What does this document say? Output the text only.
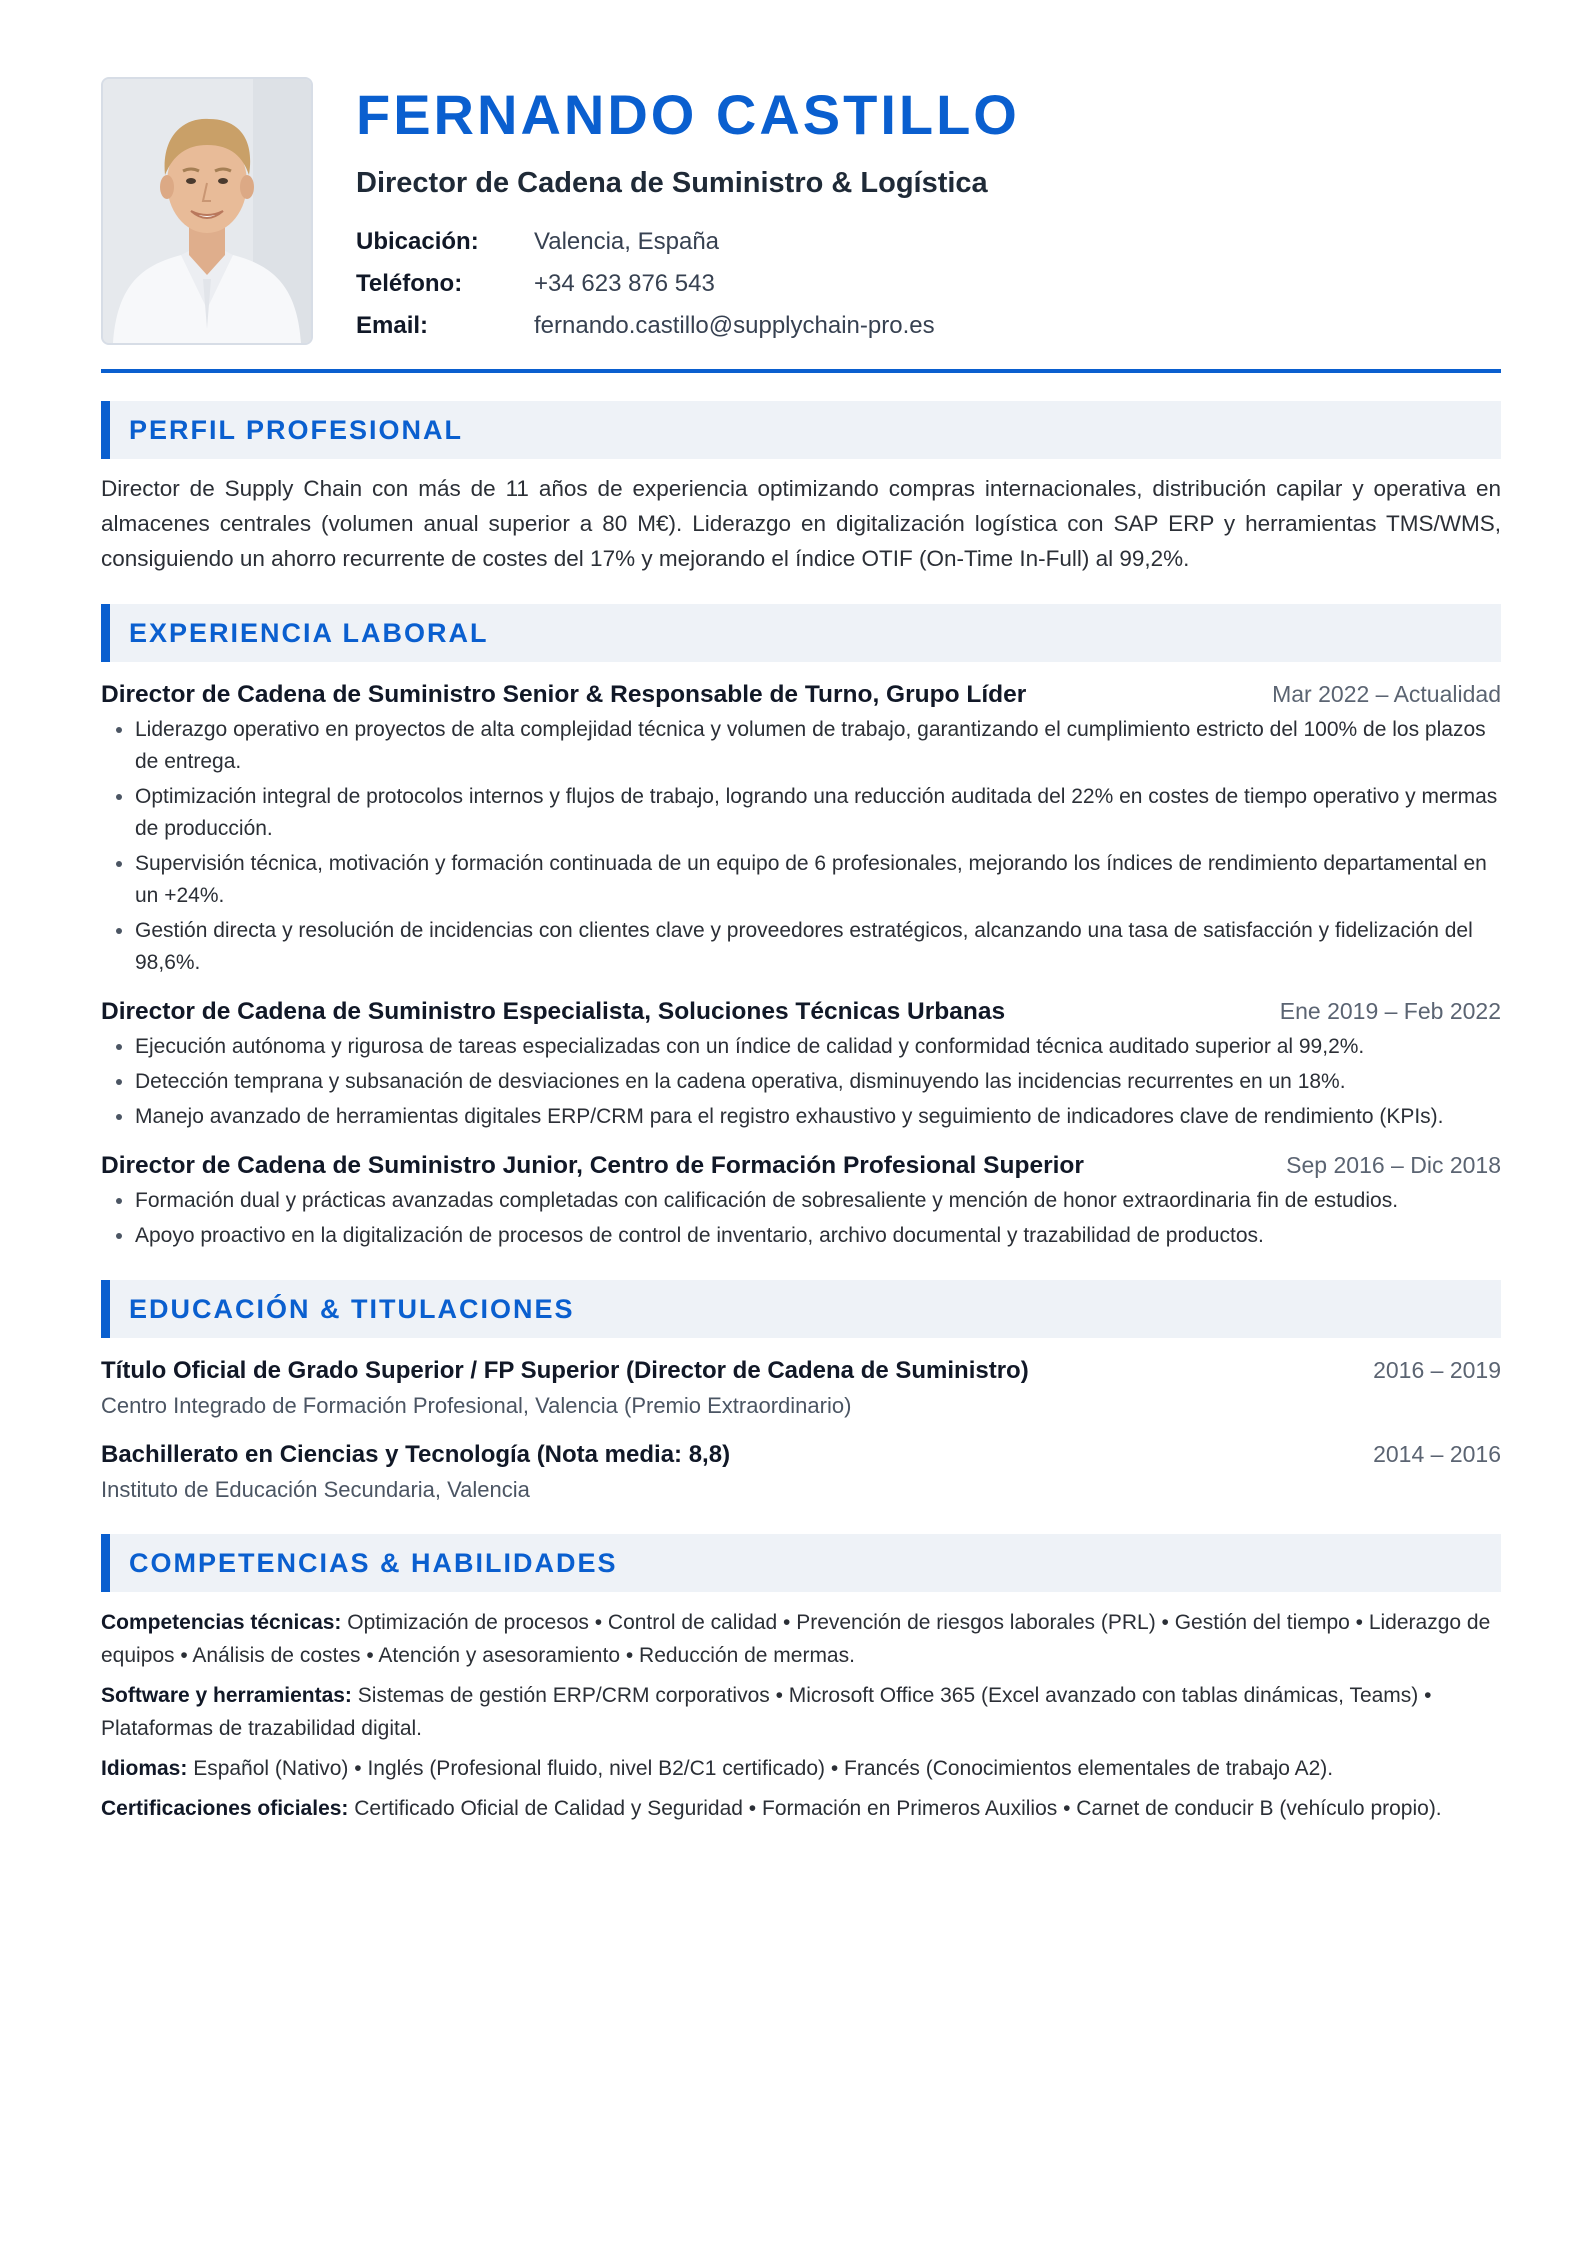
FERNANDO CASTILLO
Director de Cadena de Suministro & Logística
Ubicación:	Valencia, España
Teléfono:	+34 623 876 543
Email:	fernando.castillo@supplychain-pro.es
PERFIL PROFESIONAL

Director de Supply Chain con más de 11 años de experiencia optimizando compras internacionales, distribución capilar y operativa en almacenes centrales (volumen anual superior a 80 M€). Liderazgo en digitalización logística con SAP ERP y herramientas TMS/WMS, consiguiendo un ahorro recurrente de costes del 17% y mejorando el índice OTIF (On-Time In-Full) al 99,2%.

EXPERIENCIA LABORAL
Director de Cadena de Suministro Senior & Responsable de Turno, Grupo Líder	Mar 2022 – Actualidad
• Liderazgo operativo en proyectos de alta complejidad técnica y volumen de trabajo, garantizando el cumplimiento estricto del 100% de los plazos de entrega.
• Optimización integral de protocolos internos y flujos de trabajo, logrando una reducción auditada del 22% en costes de tiempo operativo y mermas de producción.
• Supervisión técnica, motivación y formación continuada de un equipo de 6 profesionales, mejorando los índices de rendimiento departamental en un +24%.
• Gestión directa y resolución de incidencias con clientes clave y proveedores estratégicos, alcanzando una tasa de satisfacción y fidelización del 98,6%.
Director de Cadena de Suministro Especialista, Soluciones Técnicas Urbanas	Ene 2019 – Feb 2022
• Ejecución autónoma y rigurosa de tareas especializadas con un índice de calidad y conformidad técnica auditado superior al 99,2%.
• Detección temprana y subsanación de desviaciones en la cadena operativa, disminuyendo las incidencias recurrentes en un 18%.
• Manejo avanzado de herramientas digitales ERP/CRM para el registro exhaustivo y seguimiento de indicadores clave de rendimiento (KPIs).
Director de Cadena de Suministro Junior, Centro de Formación Profesional Superior	Sep 2016 – Dic 2018
• Formación dual y prácticas avanzadas completadas con calificación de sobresaliente y mención de honor extraordinaria fin de estudios.
• Apoyo proactivo en la digitalización de procesos de control de inventario, archivo documental y trazabilidad de productos.
EDUCACIÓN & TITULACIONES
Título Oficial de Grado Superior / FP Superior (Director de Cadena de Suministro)	2016 – 2019
Centro Integrado de Formación Profesional, Valencia (Premio Extraordinario)
Bachillerato en Ciencias y Tecnología (Nota media: 8,8)	2014 – 2016
Instituto de Educación Secundaria, Valencia
COMPETENCIAS & HABILIDADES
Competencias técnicas: Optimización de procesos • Control de calidad • Prevención de riesgos laborales (PRL) • Gestión del tiempo • Liderazgo de equipos • Análisis de costes • Atención y asesoramiento • Reducción de mermas.
Software y herramientas: Sistemas de gestión ERP/CRM corporativos • Microsoft Office 365 (Excel avanzado con tablas dinámicas, Teams) • Plataformas de trazabilidad digital.
Idiomas: Español (Nativo) • Inglés (Profesional fluido, nivel B2/C1 certificado) • Francés (Conocimientos elementales de trabajo A2).
Certificaciones oficiales: Certificado Oficial de Calidad y Seguridad • Formación en Primeros Auxilios • Carnet de conducir B (vehículo propio).
